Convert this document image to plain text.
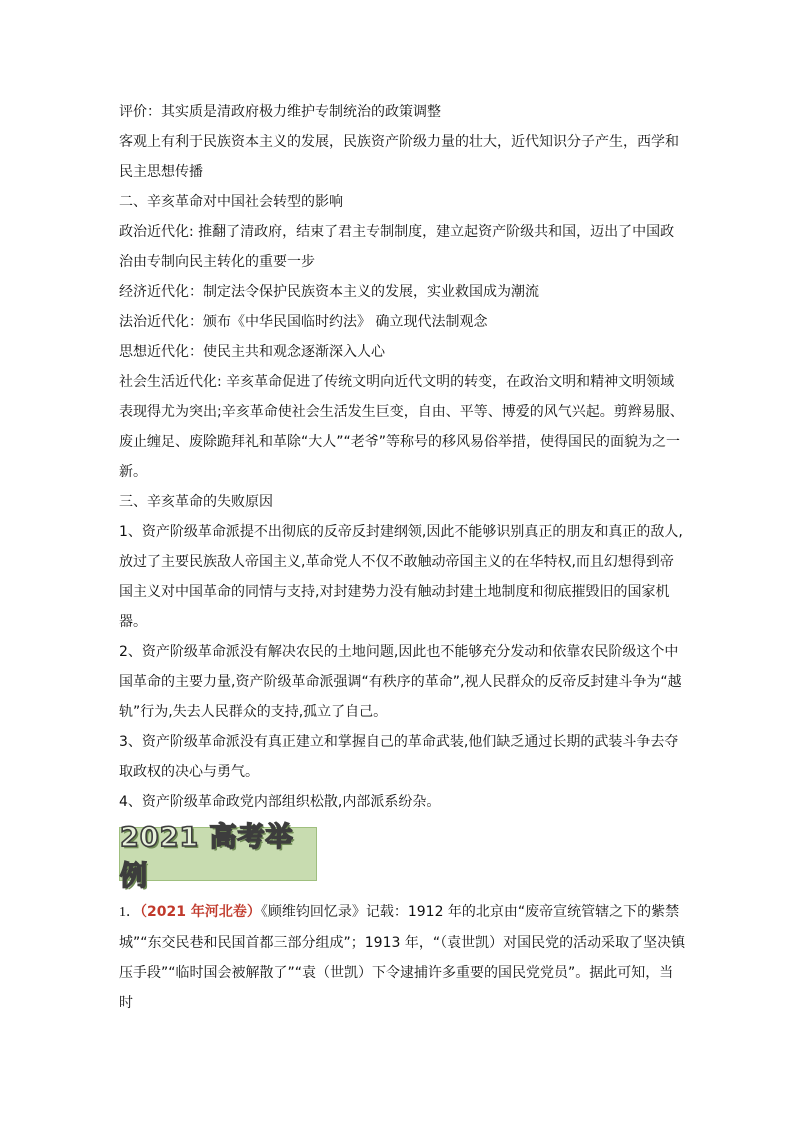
评价：其实质是清政府极力维护专制统治的政策调整
客观上有利于民族资本主义的发展，民族资产阶级力量的壮大，近代知识分子产生，西学和
民主思想传播
二、辛亥革命对中国社会转型的影响
政治近代化: 推翻了清政府，结束了君主专制制度，建立起资产阶级共和国，迈出了中国政
治由专制向民主转化的重要一步
经济近代化：制定法令保护民族资本主义的发展，实业救国成为潮流
法治近代化：颁布《中华民国临时约法》 确立现代法制观念
思想近代化：使民主共和观念逐渐深入人心
社会生活近代化: 辛亥革命促进了传统文明向近代文明的转变，在政治文明和精神文明领域
表现得尤为突出;辛亥革命使社会生活发生巨变，自由、平等、博爱的风气兴起。剪辫易服、
废止缠足、废除跪拜礼和革除“大人”“老爷”等称号的移风易俗举措，使得国民的面貌为之一
新。
三、辛亥革命的失败原因
1、资产阶级革命派提不出彻底的反帝反封建纲领,因此不能够识别真正的朋友和真正的敌人,
放过了主要民族敌人帝国主义,革命党人不仅不敢触动帝国主义的在华特权,而且幻想得到帝
国主义对中国革命的同情与支持,对封建势力没有触动封建土地制度和彻底摧毁旧的国家机
器。
2、资产阶级革命派没有解决农民的土地问题,因此也不能够充分发动和依靠农民阶级这个中
国革命的主要力量,资产阶级革命派强调“有秩序的革命”,视人民群众的反帝反封建斗争为“越
轨”行为,失去人民群众的支持,孤立了自己。
3、资产阶级革命派没有真正建立和掌握自己的革命武装,他们缺乏通过长期的武装斗争去夺
取政权的决心与勇气。
4、资产阶级革命政党内部组织松散,内部派系纷杂。
2021 高考举例
1．（2021 年河北卷）《顾维钧回忆录》记载：1912 年的北京由“废帝宣统管辖之下的紫禁
城”“东交民巷和民国首都三部分组成”；1913 年，“（袁世凯）对国民党的活动采取了坚决镇
压手段”“临时国会被解散了”“袁（世凯）下令逮捕许多重要的国民党党员”。据此可知，当
时
